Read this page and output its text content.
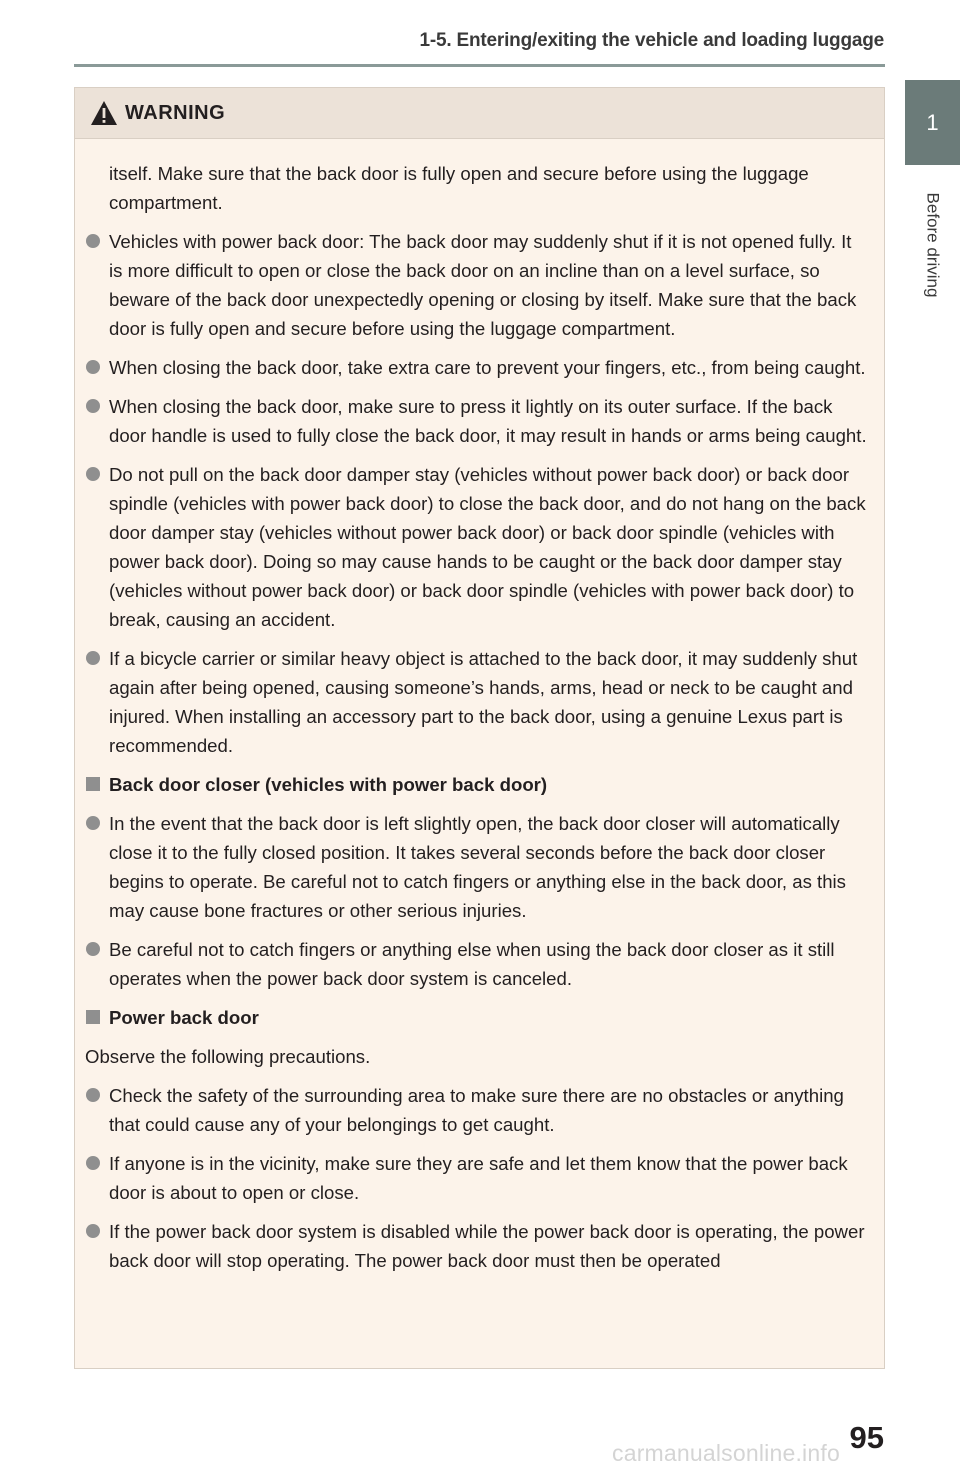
1-5. Entering/exiting the vehicle and loading luggage
1
Before driving
WARNING

itself. Make sure that the back door is fully open and secure before using the luggage compartment.

Vehicles with power back door: The back door may suddenly shut if it is not opened fully. It is more difficult to open or close the back door on an incline than on a level surface, so beware of the back door unexpectedly opening or closing by itself. Make sure that the back door is fully open and secure before using the luggage compartment.
When closing the back door, take extra care to prevent your fingers, etc., from being caught.
When closing the back door, make sure to press it lightly on its outer surface. If the back door handle is used to fully close the back door, it may result in hands or arms being caught.
Do not pull on the back door damper stay (vehicles without power back door) or back door spindle (vehicles with power back door) to close the back door, and do not hang on the back door damper stay (vehicles without power back door) or back door spindle (vehicles with power back door). Doing so may cause hands to be caught or the back door damper stay (vehicles without power back door) or back door spindle (vehicles with power back door) to break, causing an accident.
If a bicycle carrier or similar heavy object is attached to the back door, it may suddenly shut again after being opened, causing someone’s hands, arms, head or neck to be caught and injured. When installing an accessory part to the back door, using a genuine Lexus part is recommended.
Back door closer (vehicles with power back door)
In the event that the back door is left slightly open, the back door closer will automatically close it to the fully closed position. It takes several seconds before the back door closer begins to operate. Be careful not to catch fingers or anything else in the back door, as this may cause bone fractures or other serious injuries.
Be careful not to catch fingers or anything else when using the back door closer as it still operates when the power back door system is canceled.
Power back door

Observe the following precautions.

Check the safety of the surrounding area to make sure there are no obstacles or anything that could cause any of your belongings to get caught.
If anyone is in the vicinity, make sure they are safe and let them know that the power back door is about to open or close.
If the power back door system is disabled while the power back door is operating, the power back door will stop operating. The power back door must then be operated
95
carmanualsonline.info
